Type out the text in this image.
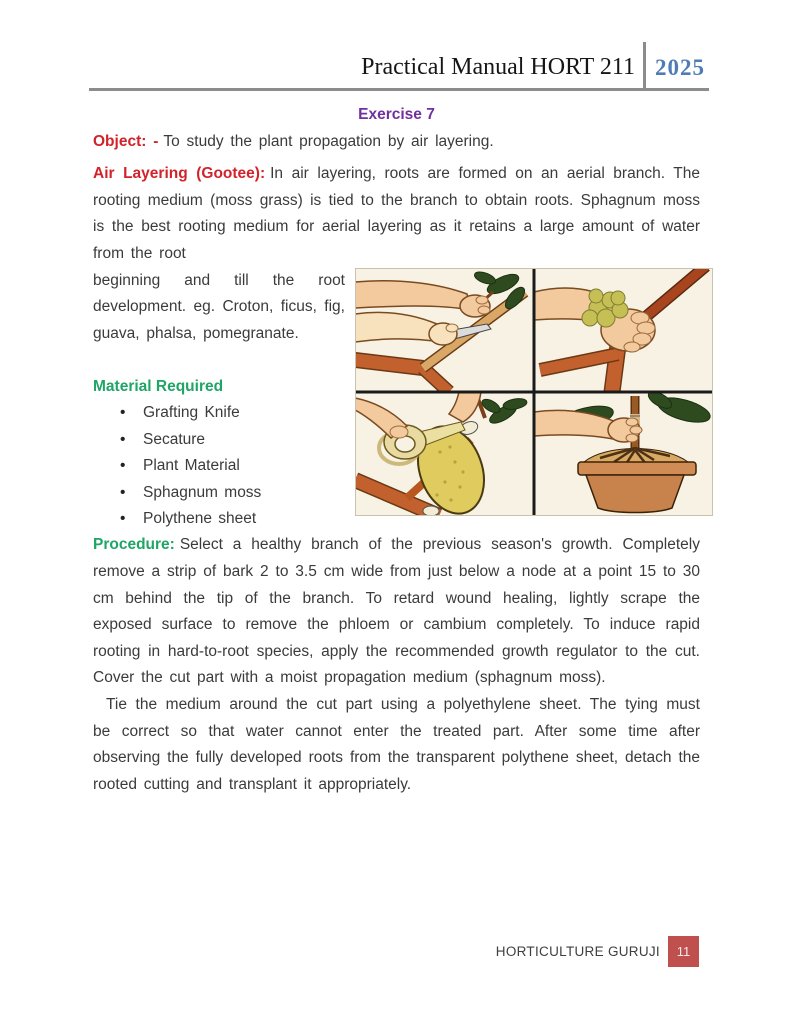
Practical Manual HORT 211 2025
Exercise 7

Object: - To study the plant propagation by air layering.

Air Layering (Gootee): In air layering, roots are formed on an aerial branch. The rooting medium (moss grass) is tied to the branch to obtain roots. Sphagnum moss is the best rooting medium for aerial layering as it retains a large amount of water from the root

beginning and till the root development. eg. Croton, ficus, fig, guava, phalsa, pomegranate.

Material Required
• Grafting Knife
• Secature
• Plant Material
• Sphagnum moss
• Polythene sheet

Procedure: Select a healthy branch of the previous season's growth. Completely remove a strip of bark 2 to 3.5 cm wide from just below a node at a point 15 to 30 cm behind the tip of the branch. To retard wound healing, lightly scrape the exposed surface to remove the phloem or cambium completely. To induce rapid rooting in hard-to-root species, apply the recommended growth regulator to the cut. Cover the cut part with a moist propagation medium (sphagnum moss).

Tie the medium around the cut part using a polyethylene sheet. The tying must be correct so that water cannot enter the treated part. After some time after observing the fully developed roots from the transparent polythene sheet, detach the rooted cutting and transplant it appropriately.

HORTICULTURE GURUJI	11
